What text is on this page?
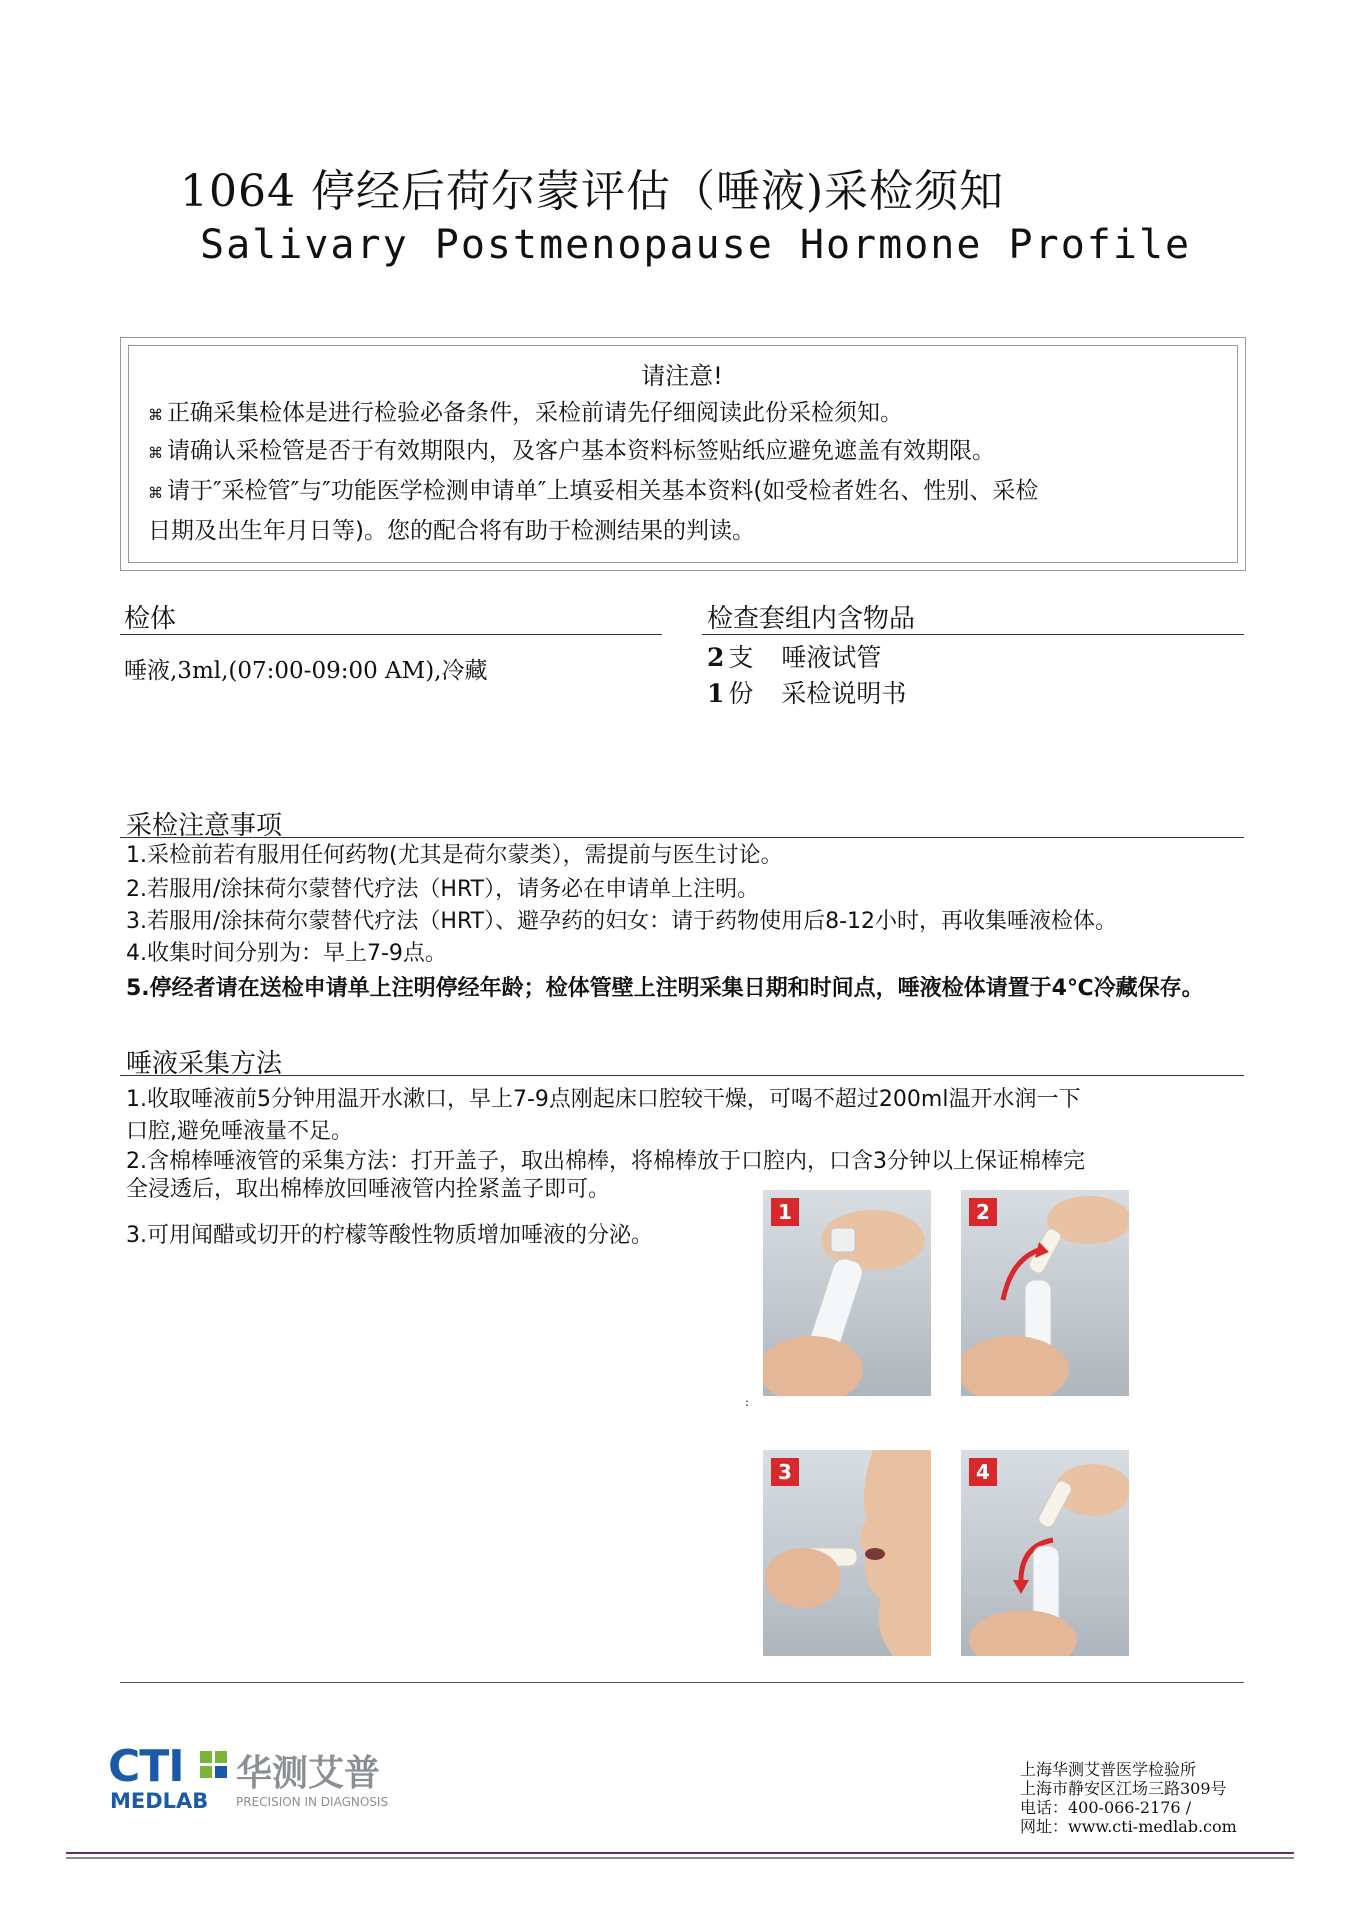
1064 停经后荷尔蒙评估（唾液)采检须知
Salivary Postmenopause Hormone Profile
请注意!
⌘ 正确采集检体是进行检验必备条件，采检前请先仔细阅读此份采检须知。
⌘ 请确认采检管是否于有效期限内，及客户基本资料标签贴纸应避免遮盖有效期限。
⌘ 请于″采检管″与″功能医学检测申请单″上填妥相关基本资料(如受检者姓名、性别、采检
日期及出生年月日等)。您的配合将有助于检测结果的判读。
检体
唾液,3ml,(07:00-09:00 AM),冷藏
检查套组内含物品
2 支 唾液试管
1 份 采检说明书
采检注意事项
1.采检前若有服用任何药物(尤其是荷尔蒙类），需提前与医生讨论。
2.若服用/涂抹荷尔蒙替代疗法（HRT），请务必在申请单上注明。
3.若服用/涂抹荷尔蒙替代疗法（HRT）、避孕药的妇女：请于药物使用后8-12小时，再收集唾液检体。
4.收集时间分别为：早上7-9点。
5.停经者请在送检申请单上注明停经年龄；检体管壁上注明采集日期和时间点，唾液检体请置于4℃冷藏保存。
唾液采集方法
1.收取唾液前5分钟用温开水漱口，早上7-9点刚起床口腔较干燥，可喝不超过200ml温开水润一下
口腔,避免唾液量不足。
2.含棉棒唾液管的采集方法：打开盖子，取出棉棒，将棉棒放于口腔内，口含3分钟以上保证棉棒完
全浸透后，取出棉棒放回唾液管内拴紧盖子即可。
3.可用闻醋或切开的柠檬等酸性物质增加唾液的分泌。
1	2
:
3	4
CTI 华测艾普
MEDLAB PRECISION IN DIAGNOSIS
上海华测艾普医学检验所
上海市静安区江场三路309号
电话：400-066-2176 /
网址：www.cti-medlab.com
